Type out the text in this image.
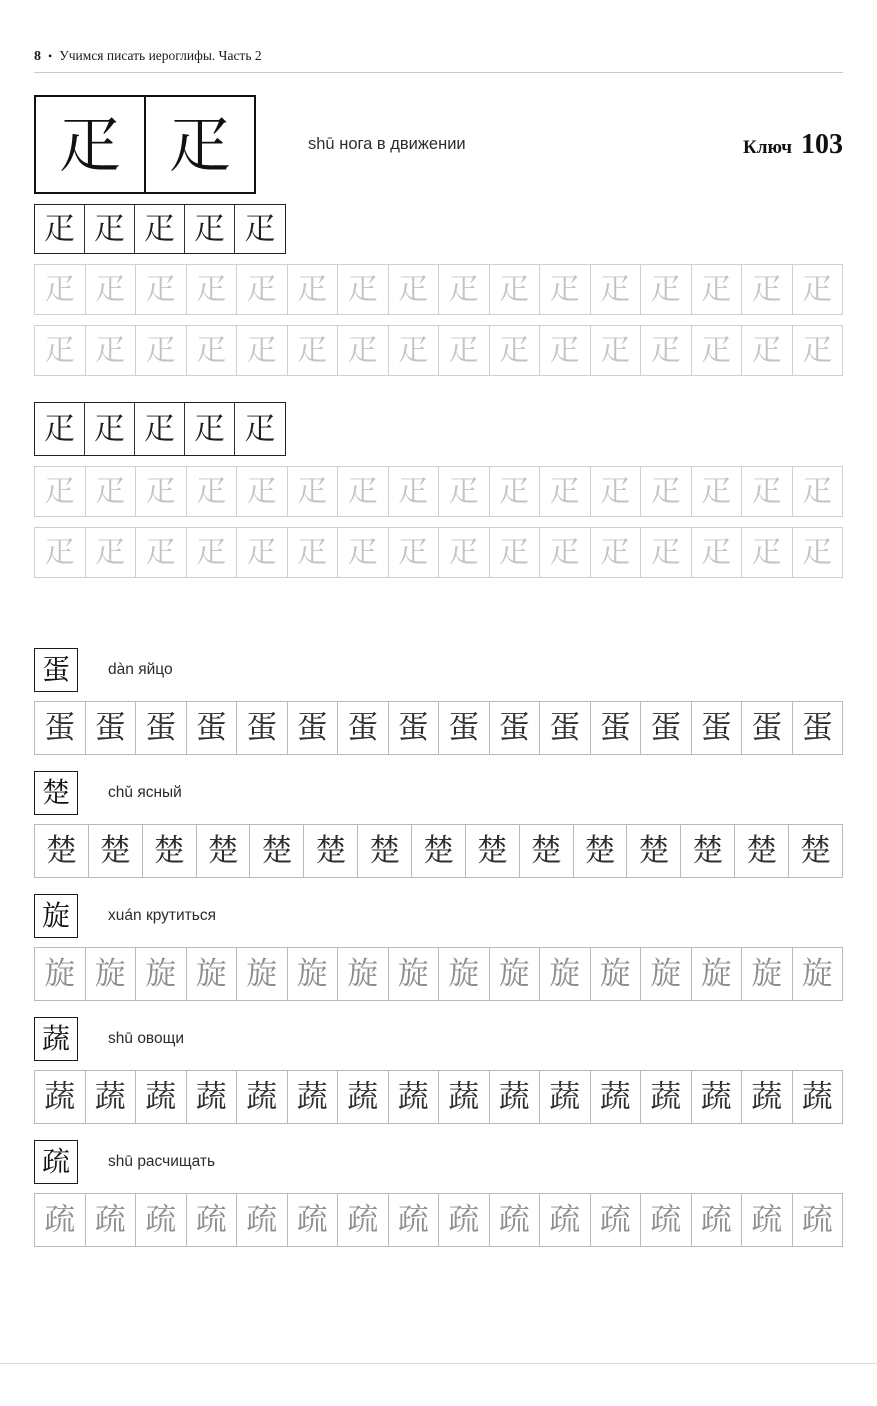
8 • Учимся писать иероглифы. Часть 2
疋 疋	shū нога в движении	Ключ 103
疋 疋 疋 疋 疋
疋 疋 疋 疋 疋 疋 疋 疋 疋 疋 疋 疋 疋 疋 疋 疋
疋 疋 疋 疋 疋 疋 疋 疋 疋 疋 疋 疋 疋 疋 疋 疋
疋 疋 疋 疋 疋
疋 疋 疋 疋 疋 疋 疋 疋 疋 疋 疋 疋 疋 疋 疋 疋
疋 疋 疋 疋 疋 疋 疋 疋 疋 疋 疋 疋 疋 疋 疋 疋
蛋	dàn яйцо
蛋 蛋 蛋 蛋 蛋 蛋 蛋 蛋 蛋 蛋 蛋 蛋 蛋 蛋 蛋 蛋
楚	chǔ ясный
楚 楚 楚 楚 楚 楚 楚 楚 楚 楚 楚 楚 楚 楚 楚
旋	xuán крутиться
旋 旋 旋 旋 旋 旋 旋 旋 旋 旋 旋 旋 旋 旋 旋 旋
蔬	shū овощи
蔬 蔬 蔬 蔬 蔬 蔬 蔬 蔬 蔬 蔬 蔬 蔬 蔬 蔬 蔬 蔬
疏	shū расчищать
疏 疏 疏 疏 疏 疏 疏 疏 疏 疏 疏 疏 疏 疏 疏 疏
